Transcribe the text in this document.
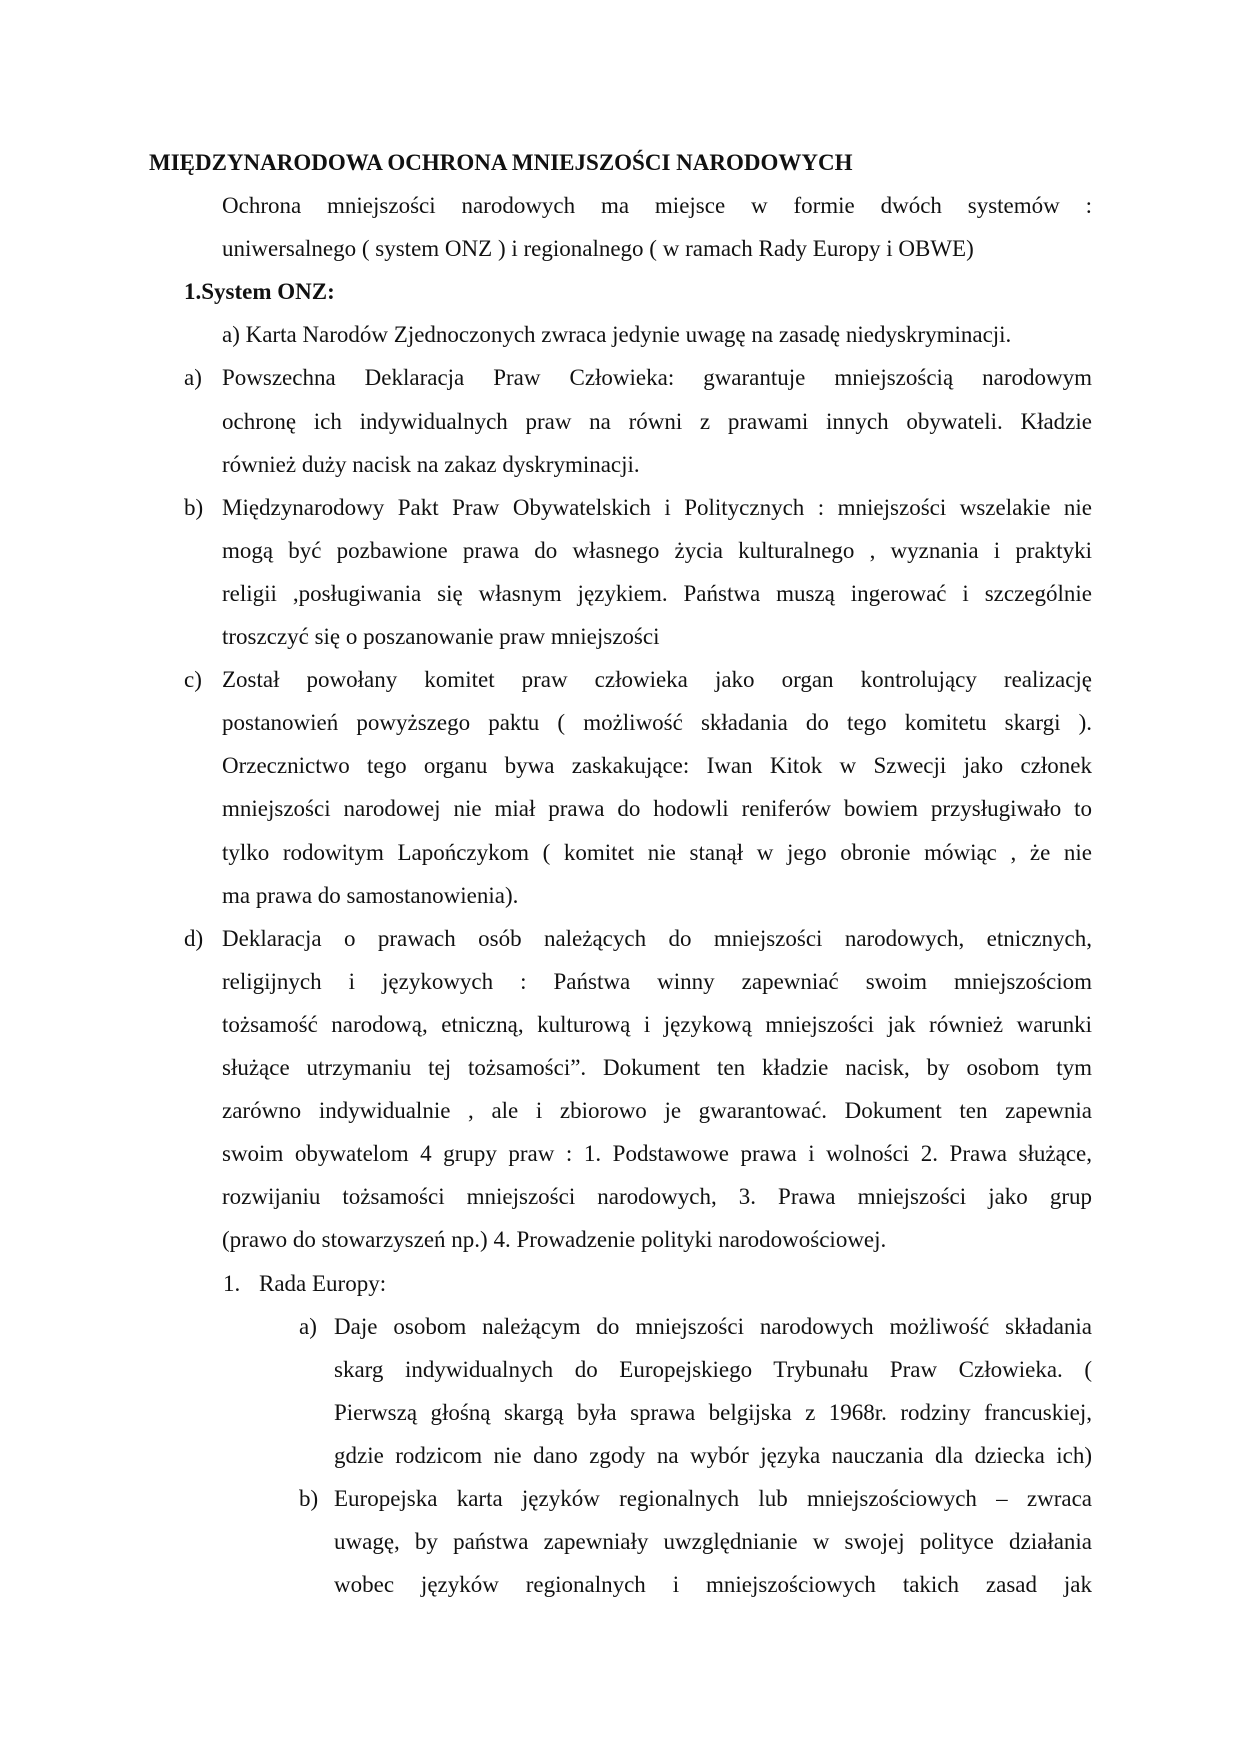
MIĘDZYNARODOWA OCHRONA MNIEJSZOŚCI NARODOWYCH
Ochrona mniejszości narodowych ma miejsce w formie dwóch systemów :
uniwersalnego ( system ONZ ) i regionalnego ( w ramach Rady Europy i OBWE)
1.System ONZ:
a) Karta Narodów Zjednoczonych zwraca jedynie uwagę na zasadę niedyskryminacji.
a) Powszechna Deklaracja Praw Człowieka: gwarantuje mniejszością narodowym
ochronę ich indywidualnych praw na równi z prawami innych obywateli. Kładzie
również duży nacisk na zakaz dyskryminacji.
b) Międzynarodowy Pakt Praw Obywatelskich i Politycznych : mniejszości wszelakie nie
mogą być pozbawione prawa do własnego życia kulturalnego , wyznania i praktyki
religii ,posługiwania się własnym językiem. Państwa muszą ingerować i szczególnie
troszczyć się o poszanowanie praw mniejszości
c) Został powołany komitet praw człowieka jako organ kontrolujący realizację
postanowień powyższego paktu ( możliwość składania do tego komitetu skargi ).
Orzecznictwo tego organu bywa zaskakujące: Iwan Kitok w Szwecji jako członek
mniejszości narodowej nie miał prawa do hodowli reniferów bowiem przysługiwało to
tylko rodowitym Lapończykom ( komitet nie stanął w jego obronie mówiąc , że nie
ma prawa do samostanowienia).
d) Deklaracja o prawach osób należących do mniejszości narodowych, etnicznych,
religijnych i językowych : Państwa winny zapewniać swoim mniejszościom
tożsamość narodową, etniczną, kulturową i językową mniejszości jak również warunki
służące utrzymaniu tej tożsamości”. Dokument ten kładzie nacisk, by osobom tym
zarówno indywidualnie , ale i zbiorowo je gwarantować. Dokument ten zapewnia
swoim obywatelom 4 grupy praw : 1. Podstawowe prawa i wolności 2. Prawa służące,
rozwijaniu tożsamości mniejszości narodowych, 3. Prawa mniejszości jako grup
(prawo do stowarzyszeń np.) 4. Prowadzenie polityki narodowościowej.
1. Rada Europy:
a) Daje osobom należącym do mniejszości narodowych możliwość składania
skarg indywidualnych do Europejskiego Trybunału Praw Człowieka. (
Pierwszą głośną skargą była sprawa belgijska z 1968r. rodziny francuskiej,
gdzie rodzicom nie dano zgody na wybór języka nauczania dla dziecka ich)
b) Europejska karta języków regionalnych lub mniejszościowych – zwraca
uwagę, by państwa zapewniały uwzględnianie w swojej polityce działania
wobec języków regionalnych i mniejszościowych takich zasad jak
